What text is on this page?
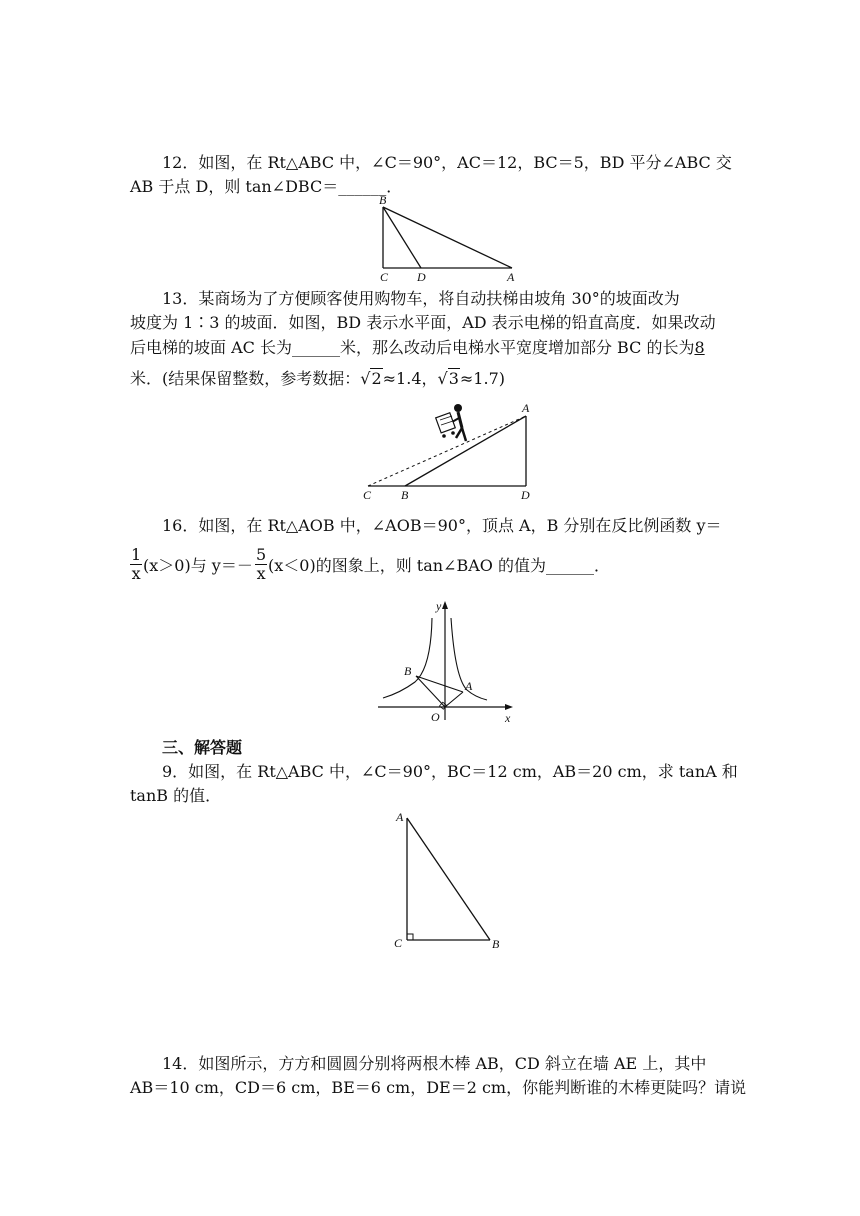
12．如图，在 Rt△ABC 中，∠C＝90°，AC＝12，BC＝5，BD 平分∠ABC 交
AB 于点 D，则 tan∠DBC＝______．
B
C D	A
13．某商场为了方便顾客使用购物车，将自动扶梯由坡角 30°的坡面改为
坡度为 1∶3 的坡面．如图，BD 表示水平面，AD 表示电梯的铅直高度．如果改动
后电梯的坡面 AC 长为______米，那么改动后电梯水平宽度增加部分 BC 的长为8
米．(结果保留整数，参考数据：√2≈1.4，√3≈1.7)
A
C B	D
16．如图，在 Rt△AOB 中，∠AOB＝90°，顶点 A，B 分别在反比例函数 y＝
$\frac{1}{x} (x>0)$与 $y=- \frac{5}{x} (x<0)$的图象上，则 tan∠BAO 的值为______．
y
x
O
A
B
三、解答题
9．如图，在 Rt△ABC 中，∠C＝90°，BC＝12 cm，AB＝20 cm，求 tanA 和
tanB 的值．
A
C	B
14．如图所示，方方和圆圆分别将两根木棒 AB，CD 斜立在墙 AE 上，其中
AB＝10 cm，CD＝6 cm，BE＝6 cm，DE＝2 cm，你能判断谁的木棒更陡吗？请说
